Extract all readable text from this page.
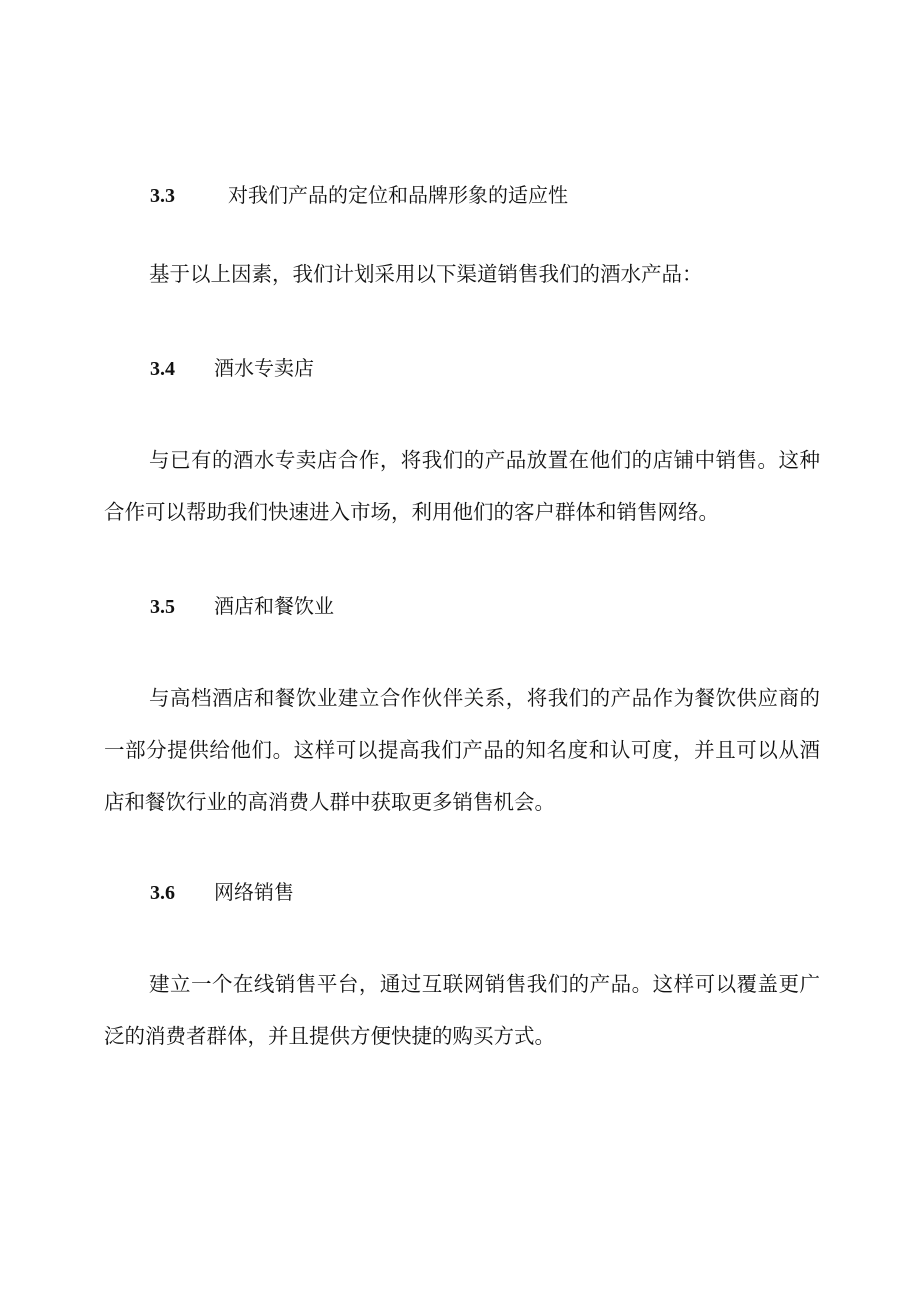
3.3	对我们产品的定位和品牌形象的适应性
基于以上因素，我们计划采用以下渠道销售我们的酒水产品：
3.4 酒水专卖店
与已有的酒水专卖店合作，将我们的产品放置在他们的店铺中销售。这种合作可以帮助我们快速进入市场，利用他们的客户群体和销售网络。
3.5 酒店和餐饮业
与高档酒店和餐饮业建立合作伙伴关系，将我们的产品作为餐饮供应商的一部分提供给他们。这样可以提高我们产品的知名度和认可度，并且可以从酒店和餐饮行业的高消费人群中获取更多销售机会。
3.6 网络销售
建立一个在线销售平台，通过互联网销售我们的产品。这样可以覆盖更广泛的消费者群体，并且提供方便快捷的购买方式。
